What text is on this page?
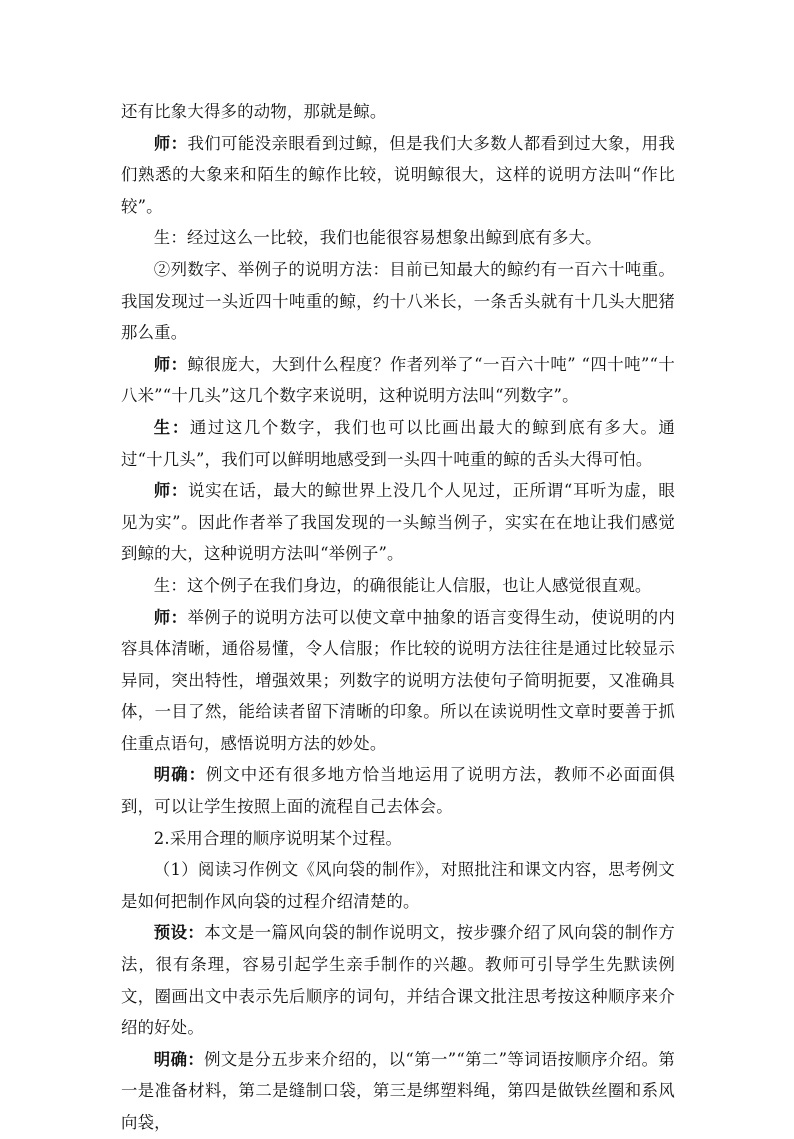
还有比象大得多的动物，那就是鲸。

师：我们可能没亲眼看到过鲸，但是我们大多数人都看到过大象，用我们熟悉的大象来和陌生的鲸作比较，说明鲸很大，这样的说明方法叫“作比较”。

生：经过这么一比较，我们也能很容易想象出鲸到底有多大。

②列数字、举例子的说明方法：目前已知最大的鲸约有一百六十吨重。我国发现过一头近四十吨重的鲸，约十八米长，一条舌头就有十几头大肥猪那么重。

师：鲸很庞大，大到什么程度？作者列举了“一百六十吨” “四十吨”“十八米”“十几头”这几个数字来说明，这种说明方法叫“列数字”。

生：通过这几个数字，我们也可以比画出最大的鲸到底有多大。通过“十几头”，我们可以鲜明地感受到一头四十吨重的鲸的舌头大得可怕。

师：说实在话，最大的鲸世界上没几个人见过，正所谓“耳听为虚，眼见为实”。因此作者举了我国发现的一头鲸当例子，实实在在地让我们感觉到鲸的大，这种说明方法叫“举例子”。

生：这个例子在我们身边，的确很能让人信服，也让人感觉很直观。

师：举例子的说明方法可以使文章中抽象的语言变得生动，使说明的内容具体清晰，通俗易懂，令人信服；作比较的说明方法往往是通过比较显示异同，突出特性，增强效果；列数字的说明方法使句子简明扼要，又准确具体，一目了然，能给读者留下清晰的印象。所以在读说明性文章时要善于抓住重点语句，感悟说明方法的妙处。

明确：例文中还有很多地方恰当地运用了说明方法，教师不必面面俱到，可以让学生按照上面的流程自己去体会。

2.采用合理的顺序说明某个过程。

（1）阅读习作例文《风向袋的制作》，对照批注和课文内容，思考例文是如何把制作风向袋的过程介绍清楚的。

预设：本文是一篇风向袋的制作说明文，按步骤介绍了风向袋的制作方法，很有条理，容易引起学生亲手制作的兴趣。教师可引导学生先默读例文，圈画出文中表示先后顺序的词句，并结合课文批注思考按这种顺序来介绍的好处。

明确：例文是分五步来介绍的，以“第一”“第二”等词语按顺序介绍。第一是准备材料，第二是缝制口袋，第三是绑塑料绳，第四是做铁丝圈和系风向袋，
